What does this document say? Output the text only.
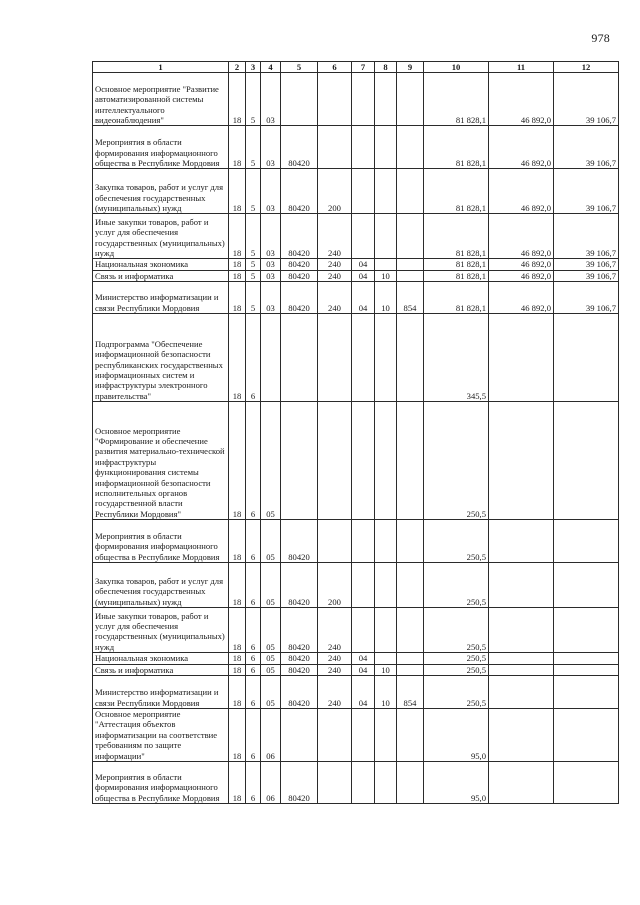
978
1	2	3	4	5	6	7	8	9	10	11	12
Основное мероприятие "Развитие автоматизированной системы интеллектуального видеонаблюдения"	18	5	03						81 828,1	46 892,0	39 106,7
Мероприятия в области формирования информационного общества в Республике Мордовия	18	5	03	80420					81 828,1	46 892,0	39 106,7
Закупка товаров, работ и услуг для обеспечения государственных (муниципальных) нужд	18	5	03	80420	200				81 828,1	46 892,0	39 106,7
Иные закупки товаров, работ и услуг для обеспечения государственных (муниципальных) нужд	18	5	03	80420	240				81 828,1	46 892,0	39 106,7
Национальная экономика	18	5	03	80420	240	04			81 828,1	46 892,0	39 106,7
Связь и информатика	18	5	03	80420	240	04	10		81 828,1	46 892,0	39 106,7
Министерство информатизации и связи Республики Мордовия	18	5	03	80420	240	04	10	854	81 828,1	46 892,0	39 106,7
Подпрограмма "Обеспечение информационной безопасности республиканских государственных информационных систем и инфраструктуры электронного правительства"	18	6							345,5		
Основное мероприятие "Формирование и обеспечение развития материально-технической инфраструктуры функционирования системы информационной безопасности исполнительных органов государственной власти Республики Мордовия"	18	6	05						250,5		
Мероприятия в области формирования информационного общества в Республике Мордовия	18	6	05	80420					250,5		
Закупка товаров, работ и услуг для обеспечения государственных (муниципальных) нужд	18	6	05	80420	200				250,5		
Иные закупки товаров, работ и услуг для обеспечения государственных (муниципальных) нужд	18	6	05	80420	240				250,5		
Национальная экономика	18	6	05	80420	240	04			250,5		
Связь и информатика	18	6	05	80420	240	04	10		250,5		
Министерство информатизации и связи Республики Мордовия	18	6	05	80420	240	04	10	854	250,5		
Основное мероприятие "Аттестация объектов информатизации на соответствие требованиям по защите информации"	18	6	06						95,0		
Мероприятия в области формирования информационного общества в Республике Мордовия	18	6	06	80420					95,0		
